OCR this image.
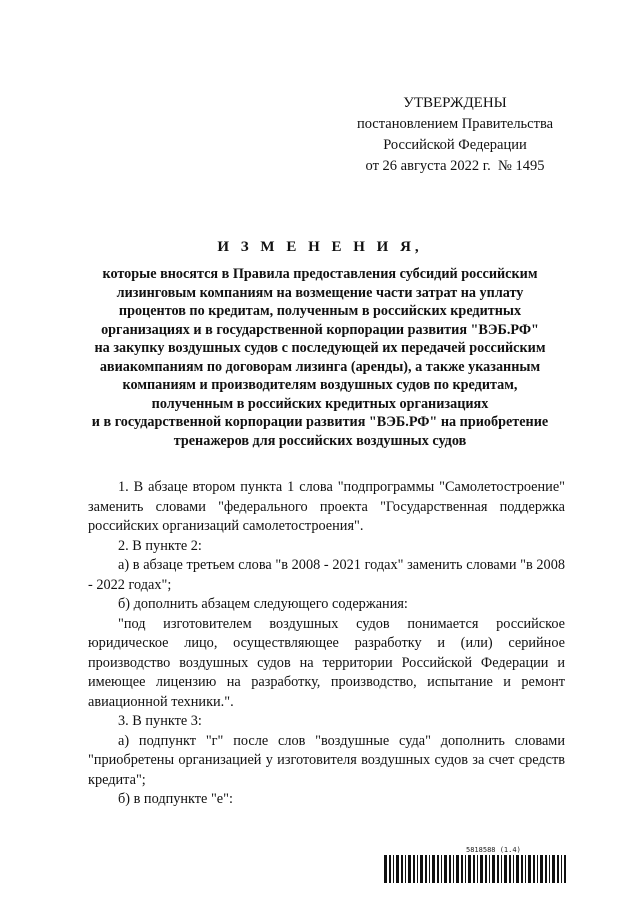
УТВЕРЖДЕНЫ
постановлением Правительства
Российской Федерации
от 26 августа 2022 г.  № 1495
И З М Е Н Е Н И Я,
которые вносятся в Правила предоставления субсидий российским
лизинговым компаниям на возмещение части затрат на уплату
процентов по кредитам, полученным в российских кредитных
организациях и в государственной корпорации развития "ВЭБ.РФ"
на закупку воздушных судов с последующей их передачей российским
авиакомпаниям по договорам лизинга (аренды), а также указанным
компаниям и производителям воздушных судов по кредитам,
полученным в российских кредитных организациях
и в государственной корпорации развития "ВЭБ.РФ" на приобретение
тренажеров для российских воздушных судов

1. В абзаце втором пункта 1 слова "подпрограммы "Самолетостроение" заменить словами "федерального проекта "Государственная поддержка российских организаций самолетостроения".

2. В пункте 2:

а) в абзаце третьем слова "в 2008 - 2021 годах" заменить словами "в 2008 - 2022 годах";

б) дополнить абзацем следующего содержания:

"под изготовителем воздушных судов понимается российское юридическое лицо, осуществляющее разработку и (или) серийное производство воздушных судов на территории Российской Федерации и имеющее лицензию на разработку, производство, испытание и ремонт авиационной техники.".

3. В пункте 3:

а) подпункт "г" после слов "воздушные суда" дополнить словами "приобретены организацией у изготовителя воздушных судов за счет средств кредита";

б) в подпункте "е":

5818588 (1.4)
